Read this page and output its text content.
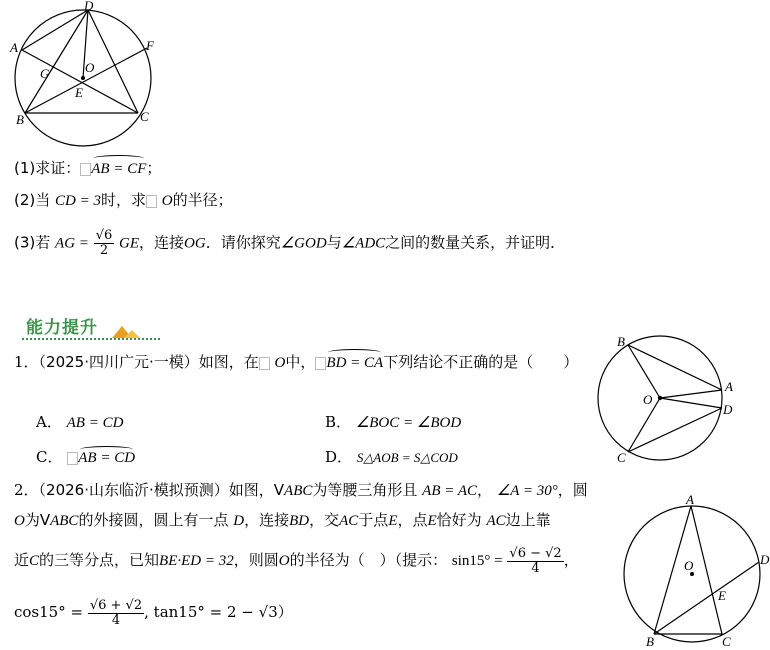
D
A	F
G	O
E
B	C
(1)求证： AB = CF；
(2)当 CD = 3时，求 O的半径；
(3)若 AG = $\frac{√6}{2}$ GE，连接OG．请你探究∠GOD与∠ADC之间的数量关系，并证明．
能力提升
1．（2025·四川广元·一模）如图，在 O中， BD = CA下列结论不正确的是（　　）
A． AB = CD	B． ∠BOC = ∠BOD
C． AB = CD	D． S△AOB = S△COD
B
A
O
D
C
2．（2026·山东临沂·模拟预测）如图，VABC为等腰三角形且 AB = AC， ∠A = 30°，圆
O为VABC的外接圆，圆上有一点 D，连接BD，交AC于点E，点E恰好为 AC边上靠
近C的三等分点，已知BE·ED = 32，则圆O的半径为（　）（提示： $\sin 15^\circ = \frac{√6 - √2}{4}$ ，
$\cos 15^\circ = \frac{√6 + √2}{4}$ , tan15° = 2 − √3）
A
O	D
E
B	C
